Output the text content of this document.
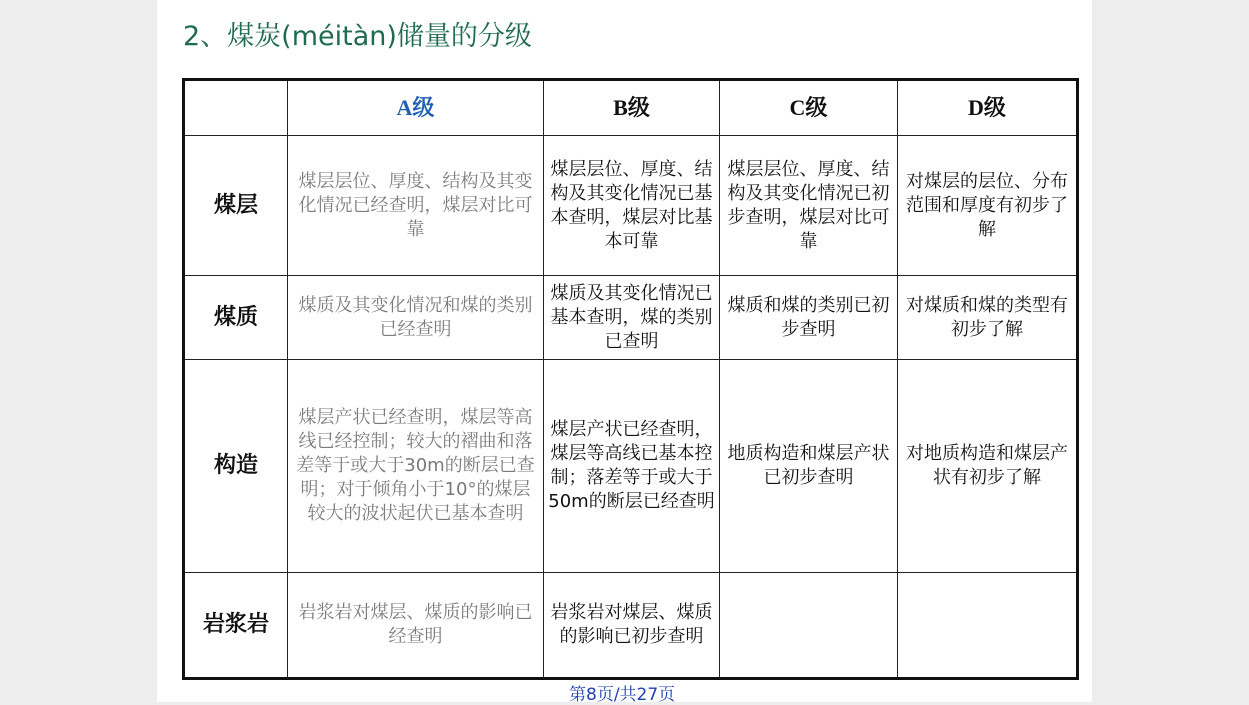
2、煤炭(méitàn)储量的分级
	A级	B级	C级	D级
煤层	煤层层位、厚度、结构及其变化情况已经查明，煤层对比可靠	煤层层位、厚度、结构及其变化情况已基本查明，煤层对比基本可靠	煤层层位、厚度、结构及其变化情况已初步查明，煤层对比可靠	对煤层的层位、分布范围和厚度有初步了解
煤质	煤质及其变化情况和煤的类别已经查明	煤质及其变化情况已基本查明，煤的类别已查明	煤质和煤的类别已初步查明	对煤质和煤的类型有初步了解
构造	煤层产状已经查明，煤层等高线已经控制；较大的褶曲和落差等于或大于30m的断层已查明；对于倾角小于10°的煤层较大的波状起伏已基本查明	煤层产状已经查明，煤层等高线已基本控制；落差等于或大于50m的断层已经查明	地质构造和煤层产状已初步查明	对地质构造和煤层产状有初步了解
岩浆岩	岩浆岩对煤层、煤质的影响已经查明	岩浆岩对煤层、煤质的影响已初步查明		
第8页/共27页
